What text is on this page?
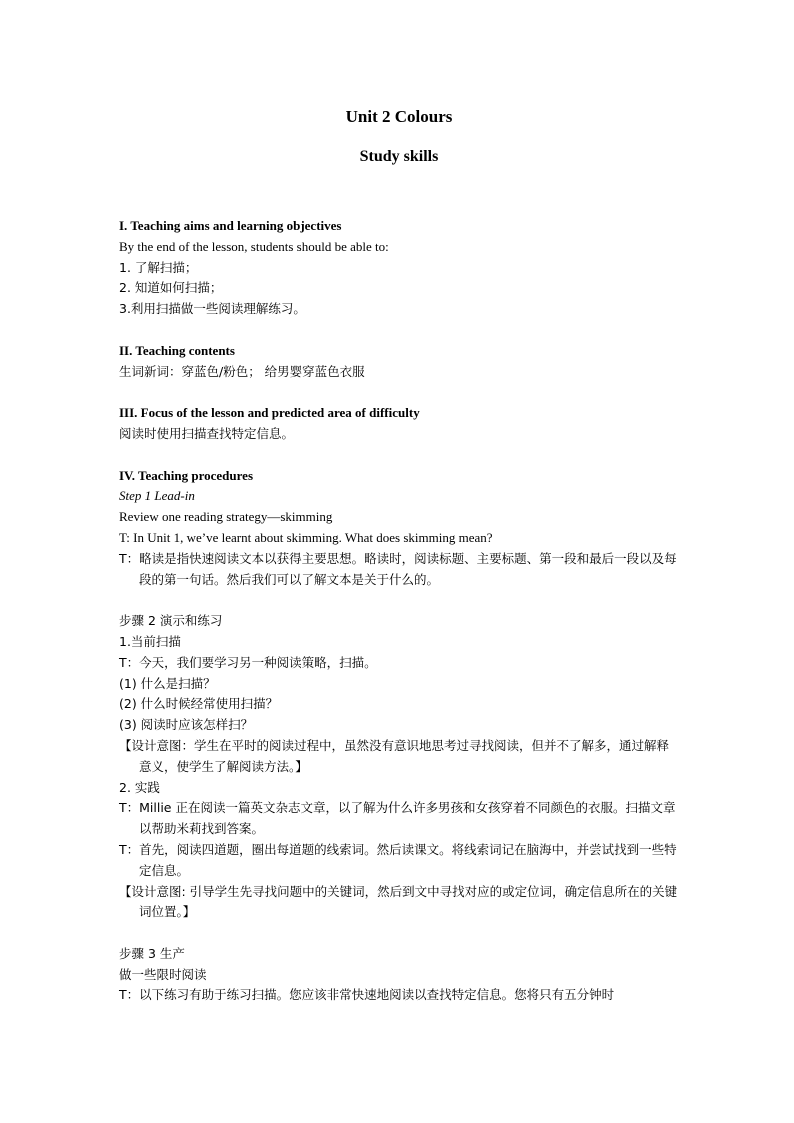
Unit 2 Colours
Study skills

I. Teaching aims and learning objectives

By the end of the lesson, students should be able to:

1. 了解扫描；

2. 知道如何扫描；

3.利用扫描做一些阅读理解练习。

II. Teaching contents

生词新词：穿蓝色/粉色； 给男婴穿蓝色衣服

III. Focus of the lesson and predicted area of difficulty

阅读时使用扫描查找特定信息。

IV. Teaching procedures

Step 1 Lead-in

Review one reading strategy—skimming

T: In Unit 1, we’ve learnt about skimming. What does skimming mean?

T：略读是指快速阅读文本以获得主要思想。略读时，阅读标题、主要标题、第一段和最后一段以及每段的第一句话。然后我们可以了解文本是关于什么的。

步骤 2 演示和练习

1.当前扫描

T：今天，我们要学习另一种阅读策略，扫描。

(1) 什么是扫描？

(2) 什么时候经常使用扫描？

(3) 阅读时应该怎样扫？

【设计意图：学生在平时的阅读过程中，虽然没有意识地思考过寻找阅读，但并不了解多，通过解释意义，使学生了解阅读方法。】

2. 实践

T：Millie 正在阅读一篇英文杂志文章，以了解为什么许多男孩和女孩穿着不同颜色的衣服。扫描文章以帮助米莉找到答案。

T：首先，阅读四道题，圈出每道题的线索词。然后读课文。将线索词记在脑海中，并尝试找到一些特定信息。

【设计意图: 引导学生先寻找问题中的关键词，然后到文中寻找对应的或定位词，确定信息所在的关键词位置。】

步骤 3 生产

做一些限时阅读

T：以下练习有助于练习扫描。您应该非常快速地阅读以查找特定信息。您将只有五分钟时
